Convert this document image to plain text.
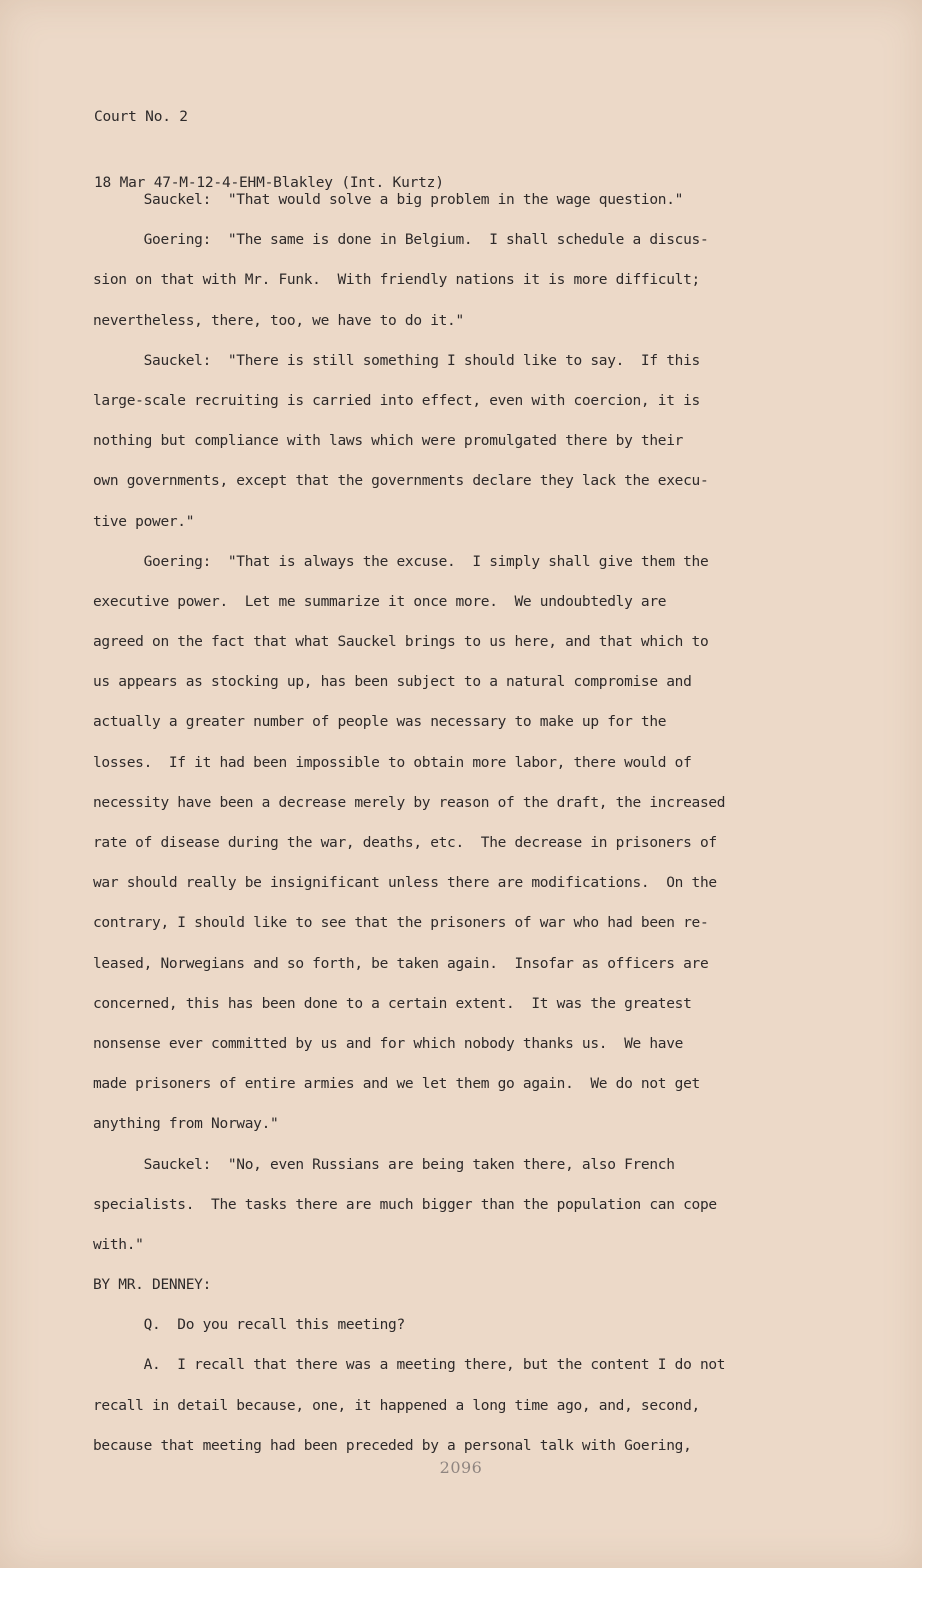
Court No. 2

18 Mar 47-M-12-4-EHM-Blakley (Int. Kurtz)

Sauckel:  "That would solve a big problem in the wage question."
Goering:  "The same is done in Belgium.  I shall schedule a discus-
sion on that with Mr. Funk.  With friendly nations it is more difficult;
nevertheless, there, too, we have to do it."
Sauckel:  "There is still something I should like to say.  If this
large-scale recruiting is carried into effect, even with coercion, it is
nothing but compliance with laws which were promulgated there by their
own governments, except that the governments declare they lack the execu-
tive power."
Goering:  "That is always the excuse.  I simply shall give them the
executive power.  Let me summarize it once more.  We undoubtedly are
agreed on the fact that what Sauckel brings to us here, and that which to
us appears as stocking up, has been subject to a natural compromise and
actually a greater number of people was necessary to make up for the
losses.  If it had been impossible to obtain more labor, there would of
necessity have been a decrease merely by reason of the draft, the increased
rate of disease during the war, deaths, etc.  The decrease in prisoners of
war should really be insignificant unless there are modifications.  On the
contrary, I should like to see that the prisoners of war who had been re-
leased, Norwegians and so forth, be taken again.  Insofar as officers are
concerned, this has been done to a certain extent.  It was the greatest
nonsense ever committed by us and for which nobody thanks us.  We have
made prisoners of entire armies and we let them go again.  We do not get
anything from Norway."
Sauckel:  "No, even Russians are being taken there, also French
specialists.  The tasks there are much bigger than the population can cope
with."
BY MR. DENNEY:
Q.  Do you recall this meeting?
A.  I recall that there was a meeting there, but the content I do not
recall in detail because, one, it happened a long time ago, and, second,
because that meeting had been preceded by a personal talk with Goering,
2096
